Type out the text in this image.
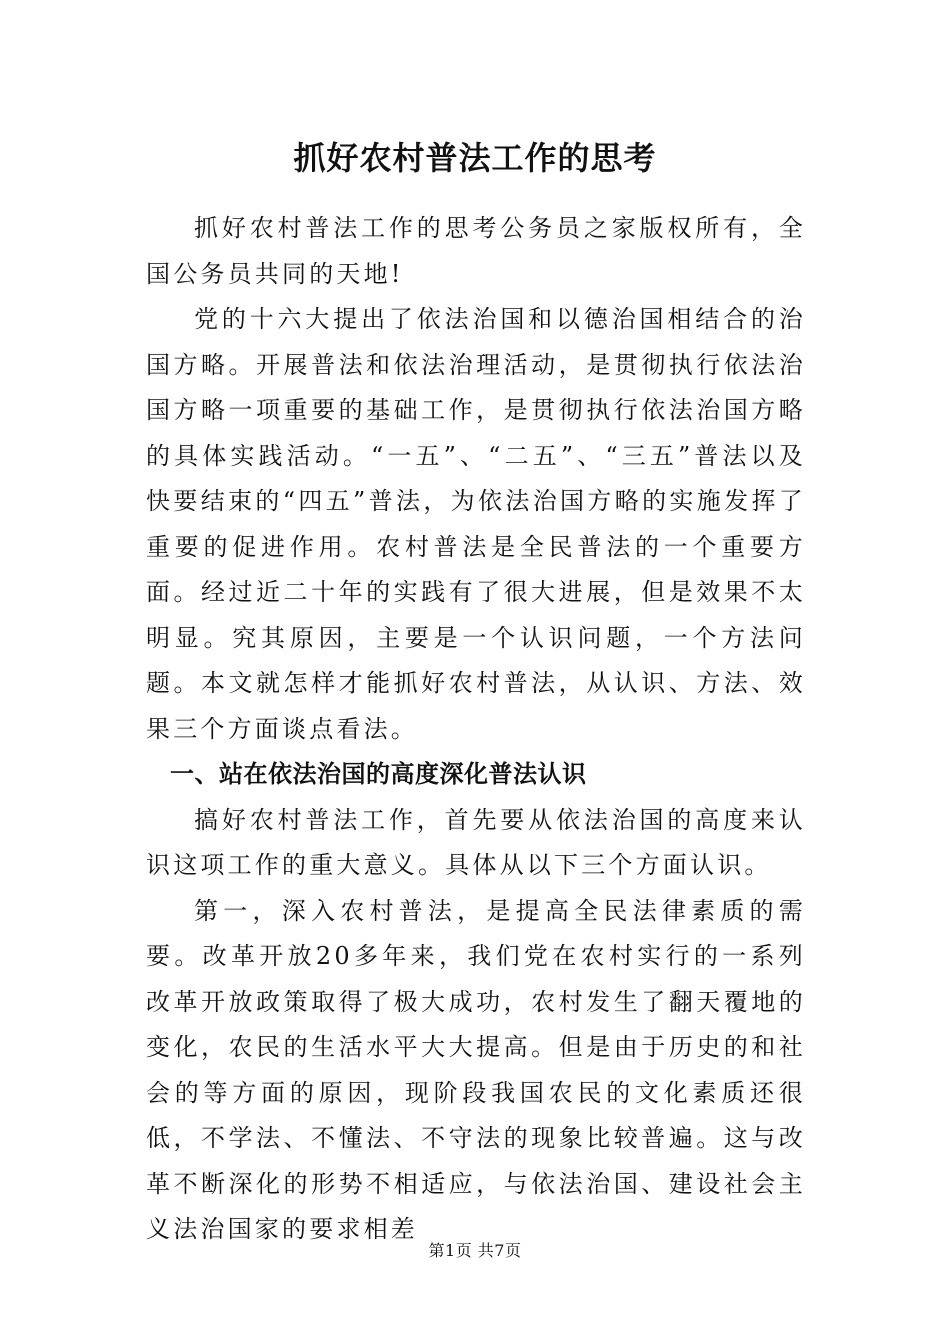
抓好农村普法工作的思考

抓好农村普法工作的思考公务员之家版权所有，全国公务员共同的天地!

党的十六大提出了依法治国和以德治国相结合的治国方略。开展普法和依法治理活动，是贯彻执行依法治国方略一项重要的基础工作，是贯彻执行依法治国方略的具体实践活动。“一五”、“二五”、“三五”普法以及快要结束的“四五”普法，为依法治国方略的实施发挥了重要的促进作用。农村普法是全民普法的一个重要方面。经过近二十年的实践有了很大进展，但是效果不太明显。究其原因，主要是一个认识问题，一个方法问题。本文就怎样才能抓好农村普法，从认识、方法、效果三个方面谈点看法。

一、站在依法治国的高度深化普法认识

搞好农村普法工作，首先要从依法治国的高度来认识这项工作的重大意义。具体从以下三个方面认识。

第一，深入农村普法，是提高全民法律素质的需要。改革开放20多年来，我们党在农村实行的一系列改革开放政策取得了极大成功，农村发生了翻天覆地的变化，农民的生活水平大大提高。但是由于历史的和社会的等方面的原因，现阶段我国农民的文化素质还很低，不学法、不懂法、不守法的现象比较普遍。这与改革不断深化的形势不相适应，与依法治国、建设社会主义法治国家的要求相差

第1页 共7页
